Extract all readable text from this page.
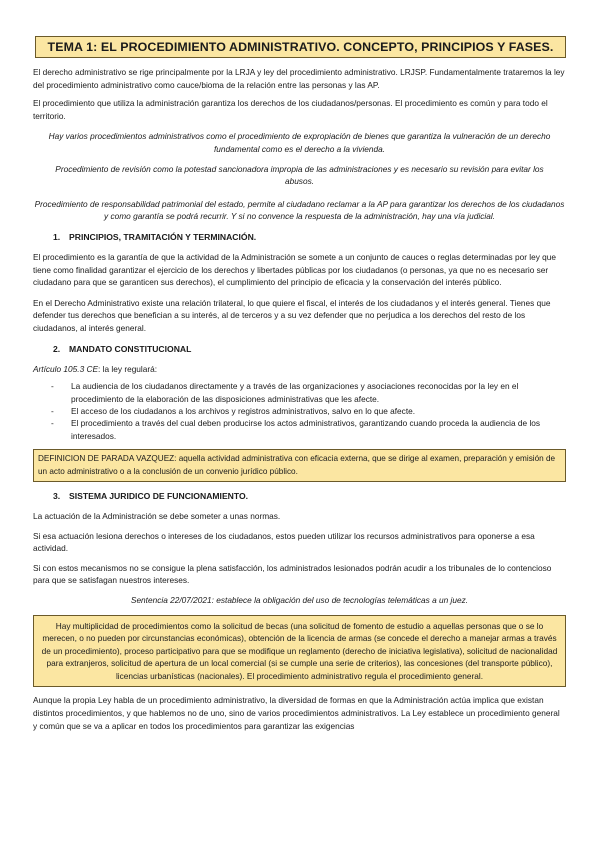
TEMA 1: EL PROCEDIMIENTO ADMINISTRATIVO. CONCEPTO, PRINCIPIOS Y FASES.

El derecho administrativo se rige principalmente por la LRJA y ley del procedimiento administrativo. LRJSP. Fundamentalmente trataremos la ley del procedimiento administrativo como cauce/bioma de la relación entre las personas y las AP.

El procedimiento que utiliza la administración garantiza los derechos de los ciudadanos/personas. El procedimiento es común y para todo el territorio.

Hay varios procedimientos administrativos como el procedimiento de expropiación de bienes que garantiza la vulneración de un derecho fundamental como es el derecho a la vivienda.

Procedimiento de revisión como la potestad sancionadora impropia de las administraciones y es necesario su revisión para evitar los abusos.

Procedimiento de responsabilidad patrimonial del estado, permite al ciudadano reclamar a la AP para garantizar los derechos de los ciudadanos y como garantía se podrá recurrir. Y si no convence la respuesta de la administración, hay una vía judicial.

1. PRINCIPIOS, TRAMITACIÓN Y TERMINACIÓN.

El procedimiento es la garantía de que la actividad de la Administración se somete a un conjunto de cauces o reglas determinadas por ley que tiene como finalidad garantizar el ejercicio de los derechos y libertades públicas por los ciudadanos (o personas, ya que no es necesario ser ciudadano para que se garanticen sus derechos), el cumplimiento del principio de eficacia y la conservación del interés público.

En el Derecho Administrativo existe una relación trilateral, lo que quiere el fiscal, el interés de los ciudadanos y el interés general. Tienes que defender tus derechos que benefician a su interés, al de terceros y a su vez defender que no perjudica a los derechos del resto de los ciudadanos, al interés general.

2. MANDATO CONSTITUCIONAL

Artículo 105.3 CE: la ley regulará:

- La audiencia de los ciudadanos directamente y a través de las organizaciones y asociaciones reconocidas por la ley en el procedimiento de la elaboración de las disposiciones administrativas que les afecte.
- El acceso de los ciudadanos a los archivos y registros administrativos, salvo en lo que afecte.
- El procedimiento a través del cual deben producirse los actos administrativos, garantizando cuando proceda la audiencia de los interesados.

DEFINICION DE PARADA VAZQUEZ: aquella actividad administrativa con eficacia externa, que se dirige al examen, preparación y emisión de un acto administrativo o a la conclusión de un convenio jurídico público.

3. SISTEMA JURIDICO DE FUNCIONAMIENTO.

La actuación de la Administración se debe someter a unas normas.

Si esa actuación lesiona derechos o intereses de los ciudadanos, estos pueden utilizar los recursos administrativos para oponerse a esa actividad.

Si con estos mecanismos no se consigue la plena satisfacción, los administrados lesionados podrán acudir a los tribunales de lo contencioso para que se satisfagan nuestros intereses.

Sentencia 22/07/2021: establece la obligación del uso de tecnologías telemáticas a un juez.

Hay multiplicidad de procedimientos como la solicitud de becas (una solicitud de fomento de estudio a aquellas personas que o se lo merecen, o no pueden por circunstancias económicas), obtención de la licencia de armas (se concede el derecho a manejar armas a través de un procedimiento), proceso participativo para que se modifique un reglamento (derecho de iniciativa legislativa), solicitud de nacionalidad para extranjeros, solicitud de apertura de un local comercial (si se cumple una serie de criterios), las concesiones (del transporte público), licencias urbanísticas (nacionales). El procedimiento administrativo regula el procedimiento general.

Aunque la propia Ley habla de un procedimiento administrativo, la diversidad de formas en que la Administración actúa implica que existan distintos procedimientos, y que hablemos no de uno, sino de varios procedimientos administrativos. La Ley establece un procedimiento general y común que se va a aplicar en todos los procedimientos para garantizar las exigencias
